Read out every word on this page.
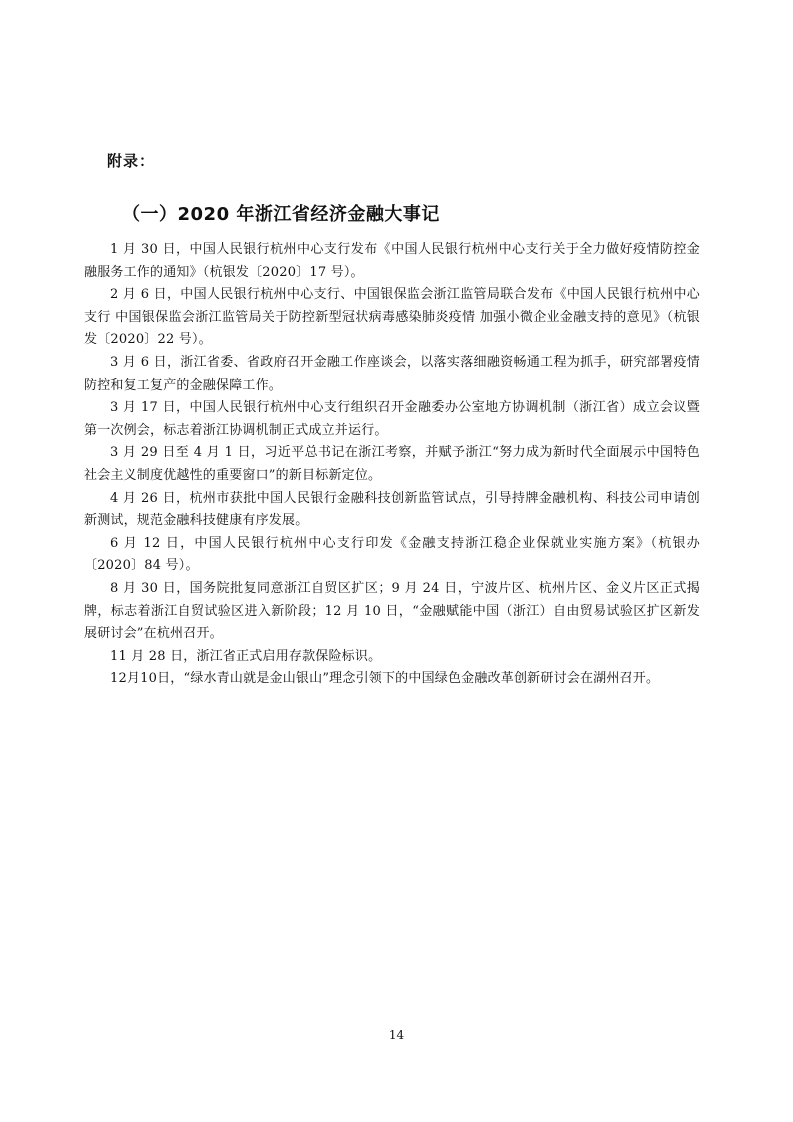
附录：
（一）2020 年浙江省经济金融大事记

1 月 30 日，中国人民银行杭州中心支行发布《中国人民银行杭州中心支行关于全力做好疫情防控金融服务工作的通知》（杭银发〔2020〕17 号）。

2 月 6 日，中国人民银行杭州中心支行、中国银保监会浙江监管局联合发布《中国人民银行杭州中心支行 中国银保监会浙江监管局关于防控新型冠状病毒感染肺炎疫情 加强小微企业金融支持的意见》（杭银发〔2020〕22 号）。

3 月 6 日，浙江省委、省政府召开金融工作座谈会，以落实落细融资畅通工程为抓手，研究部署疫情防控和复工复产的金融保障工作。

3 月 17 日，中国人民银行杭州中心支行组织召开金融委办公室地方协调机制（浙江省）成立会议暨第一次例会，标志着浙江协调机制正式成立并运行。

3 月 29 日至 4 月 1 日，习近平总书记在浙江考察，并赋予浙江“努力成为新时代全面展示中国特色社会主义制度优越性的重要窗口”的新目标新定位。

4 月 26 日，杭州市获批中国人民银行金融科技创新监管试点，引导持牌金融机构、科技公司申请创新测试，规范金融科技健康有序发展。

6 月 12 日，中国人民银行杭州中心支行印发《金融支持浙江稳企业保就业实施方案》（杭银办〔2020〕84 号）。

8 月 30 日，国务院批复同意浙江自贸区扩区；9 月 24 日，宁波片区、杭州片区、金义片区正式揭牌，标志着浙江自贸试验区进入新阶段；12 月 10 日，“金融赋能中国（浙江）自由贸易试验区扩区新发展研讨会”在杭州召开。

11 月 28 日，浙江省正式启用存款保险标识。

12月10日，“绿水青山就是金山银山”理念引领下的中国绿色金融改革创新研讨会在湖州召开。

14
